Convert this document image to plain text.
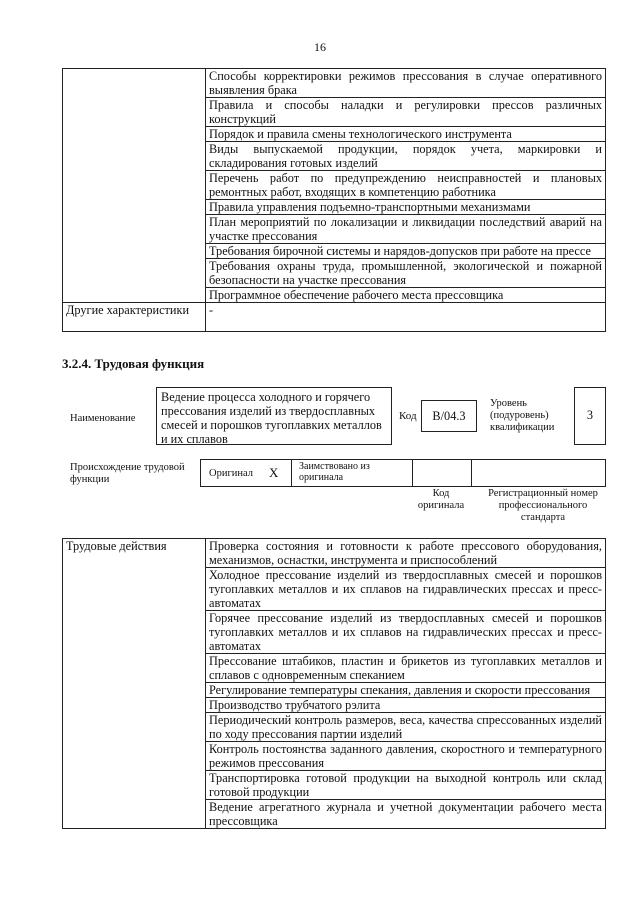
16
	Способы корректировки режимов прессования в случае оперативного выявления брака
	Правила и способы наладки и регулировки прессов различных конструкций
	Порядок и правила смены технологического инструмента
	Виды выпускаемой продукции, порядок учета, маркировки и складирования готовых изделий
	Перечень работ по предупреждению неисправностей и плановых ремонтных работ, входящих в компетенцию работника
	Правила управления подъемно-транспортными механизмами
	План мероприятий по локализации и ликвидации последствий аварий на участке прессования
	Требования бирочной системы и нарядов-допусков при работе на прессе
	Требования охраны труда, промышленной, экологической и пожарной безопасности на участке прессования
	Программное обеспечение рабочего места прессовщика
Другие характеристики	-
3.2.4. Трудовая функция
Наименование
Ведение процесса холодного и горячего прессования изделий из твердосплавных смесей и порошков тугоплавких металлов и их сплавов
Код	B/04.3
Уровень (подуровень) квалификации
3
Происхождение трудовой функции
Оригинал X Заимствовано из оригинала
Код оригинала
Регистрационный номер профессионального стандарта
Трудовые действия	Проверка состояния и готовности к работе прессового оборудования, механизмов, оснастки, инструмента и приспособлений
Холодное прессование изделий из твердосплавных смесей и порошков тугоплавких металлов и их сплавов на гидравлических прессах и пресс-автоматах
Горячее прессование изделий из твердосплавных смесей и порошков тугоплавких металлов и их сплавов на гидравлических прессах и пресс-автоматах
Прессование штабиков, пластин и брикетов из тугоплавких металлов и сплавов с одновременным спеканием
Регулирование температуры спекания, давления и скорости прессования
Производство трубчатого рэлита
Периодический контроль размеров, веса, качества спрессованных изделий по ходу прессования партии изделий
Контроль постоянства заданного давления, скоростного и температурного режимов прессования
Транспортировка готовой продукции на выходной контроль или склад готовой продукции
Ведение агрегатного журнала и учетной документации рабочего места прессовщика
